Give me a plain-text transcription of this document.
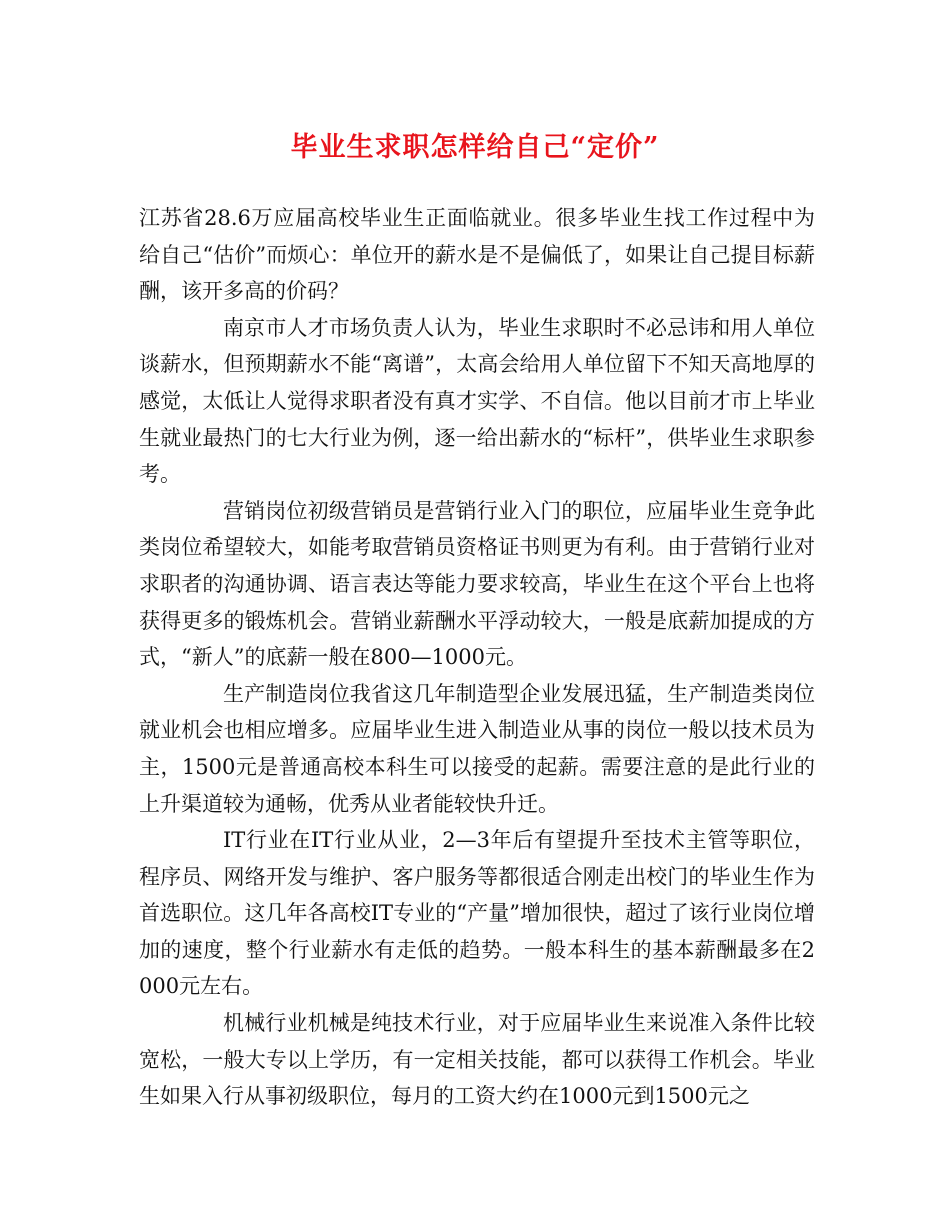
毕业生求职怎样给自己“定价”

江苏省28.6万应届高校毕业生正面临就业。很多毕业生找工作过程中为给自己“估价”而烦心：单位开的薪水是不是偏低了，如果让自己提目标薪酬，该开多高的价码？

南京市人才市场负责人认为，毕业生求职时不必忌讳和用人单位谈薪水，但预期薪水不能“离谱”，太高会给用人单位留下不知天高地厚的感觉，太低让人觉得求职者没有真才实学、不自信。他以目前才市上毕业生就业最热门的七大行业为例，逐一给出薪水的“标杆”，供毕业生求职参考。

营销岗位初级营销员是营销行业入门的职位，应届毕业生竞争此类岗位希望较大，如能考取营销员资格证书则更为有利。由于营销行业对求职者的沟通协调、语言表达等能力要求较高，毕业生在这个平台上也将获得更多的锻炼机会。营销业薪酬水平浮动较大，一般是底薪加提成的方式，“新人”的底薪一般在800—1000元。

生产制造岗位我省这几年制造型企业发展迅猛，生产制造类岗位就业机会也相应增多。应届毕业生进入制造业从事的岗位一般以技术员为主，1500元是普通高校本科生可以接受的起薪。需要注意的是此行业的上升渠道较为通畅，优秀从业者能较快升迁。

IT行业在IT行业从业，2—3年后有望提升至技术主管等职位，程序员、网络开发与维护、客户服务等都很适合刚走出校门的毕业生作为首选职位。这几年各高校IT专业的“产量”增加很快，超过了该行业岗位增加的速度，整个行业薪水有走低的趋势。一般本科生的基本薪酬最多在2000元左右。

机械行业机械是纯技术行业，对于应届毕业生来说准入条件比较宽松，一般大专以上学历，有一定相关技能，都可以获得工作机会。毕业生如果入行从事初级职位，每月的工资大约在1000元到1500元之
